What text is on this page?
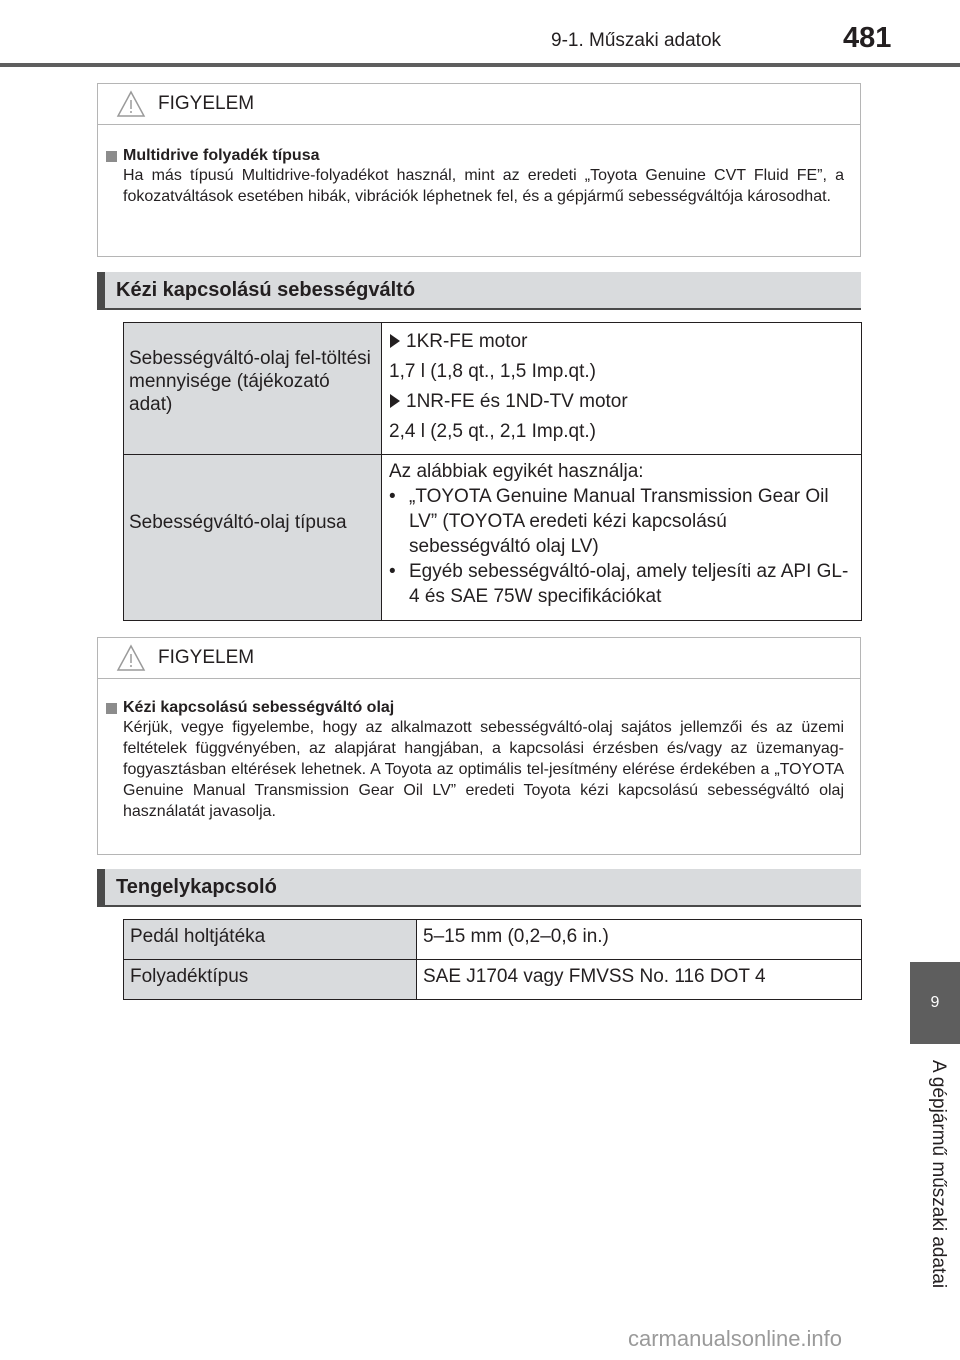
9-1. Műszaki adatok	481
FIGYELEM
Multidrive folyadék típusa
Ha más típusú Multidrive-folyadékot használ, mint az eredeti „Toyota Genuine CVT Fluid FE”, a fokozatváltások esetében hibák, vibrációk léphetnek fel, és a gépjármű sebességváltója károsodhat.
Kézi kapcsolású sebességváltó
Sebességváltó-olaj fel-töltési mennyisége (tájékozató adat)	1KR-FE motor
1,7 l (1,8 qt., 1,5 Imp.qt.)
1NR-FE és 1ND-TV motor
2,4 l (2,5 qt., 2,1 Imp.qt.)

Sebességváltó-olaj típusa	Az alábbiak egyikét használja:
• „TOYOTA Genuine Manual Transmission Gear Oil LV” (TOYOTA eredeti kézi kapcsolású sebességváltó olaj LV)
• Egyéb sebességváltó-olaj, amely teljesíti az API GL-4 és SAE 75W specifikációkat
FIGYELEM
Kézi kapcsolású sebességváltó olaj
Kérjük, vegye figyelembe, hogy az alkalmazott sebességváltó-olaj sajátos jellemzői és az üzemi feltételek függvényében, az alapjárat hangjában, a kapcsolási érzésben és/vagy az üzemanyag-fogyasztásban eltérések lehetnek. A Toyota az optimális tel-jesítmény elérése érdekében a „TOYOTA Genuine Manual Transmission Gear Oil LV” eredeti Toyota kézi kapcsolású sebességváltó olaj használatát javasolja.
Tengelykapcsoló
Pedál holtjátéka	5–15 mm (0,2–0,6 in.)
Folyadéktípus	SAE J1704 vagy FMVSS No. 116 DOT 4
9
A gépjármű műszaki adatai
carmanualsonline.info
